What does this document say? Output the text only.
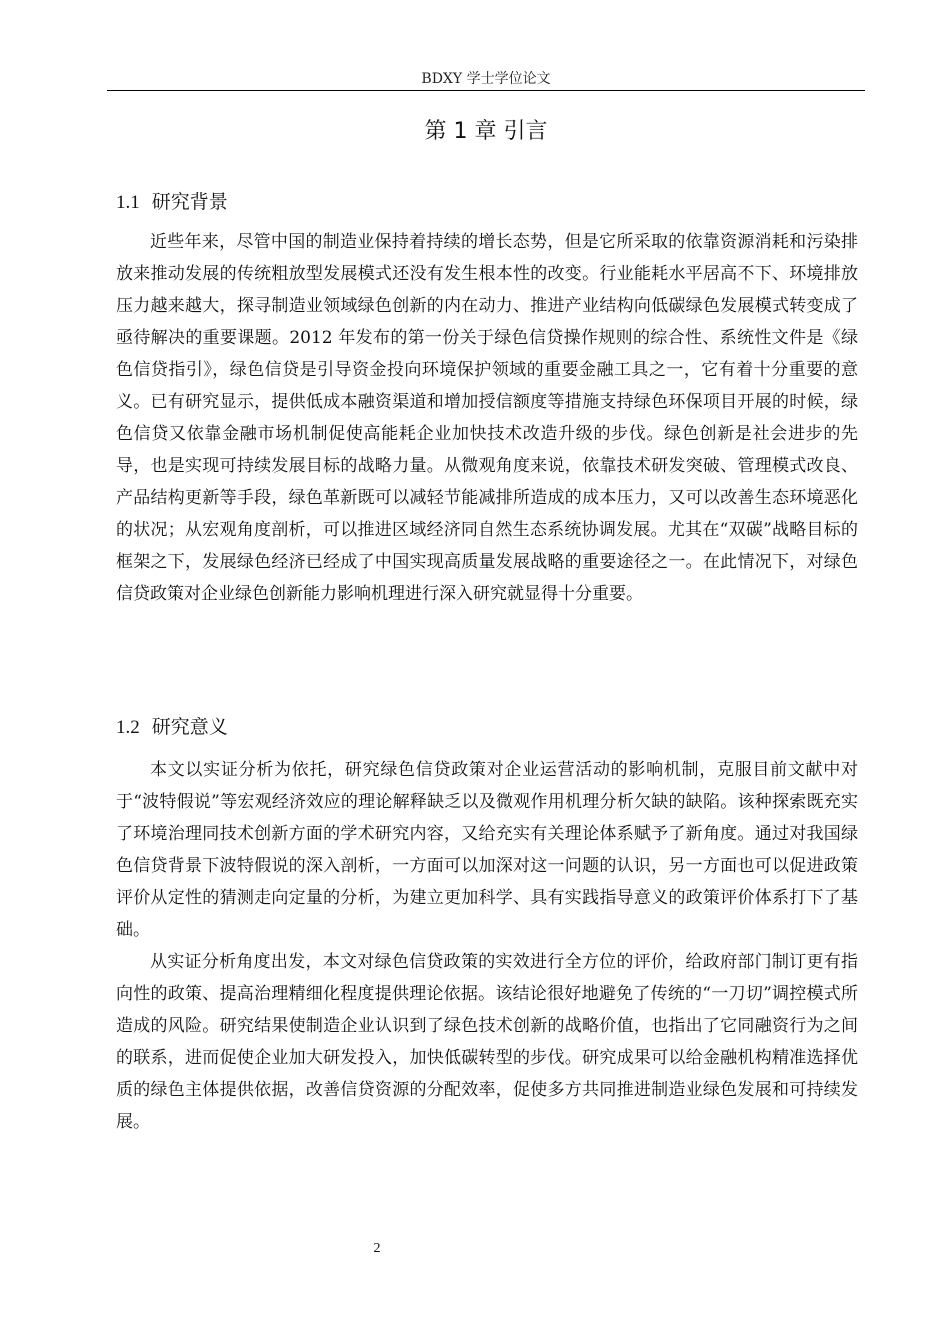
BDXY 学士学位论文
第 1 章 引言
1.1 研究背景

近些年来，尽管中国的制造业保持着持续的增长态势，但是它所采取的依靠资源消耗和污染排放来推动发展的传统粗放型发展模式还没有发生根本性的改变。行业能耗水平居高不下、环境排放压力越来越大，探寻制造业领域绿色创新的内在动力、推进产业结构向低碳绿色发展模式转变成了亟待解决的重要课题。2012 年发布的第一份关于绿色信贷操作规则的综合性、系统性文件是《绿色信贷指引》，绿色信贷是引导资金投向环境保护领域的重要金融工具之一，它有着十分重要的意义。已有研究显示，提供低成本融资渠道和增加授信额度等措施支持绿色环保项目开展的时候，绿色信贷又依靠金融市场机制促使高能耗企业加快技术改造升级的步伐。绿色创新是社会进步的先导，也是实现可持续发展目标的战略力量。从微观角度来说，依靠技术研发突破、管理模式改良、产品结构更新等手段，绿色革新既可以减轻节能减排所造成的成本压力，又可以改善生态环境恶化的状况；从宏观角度剖析，可以推进区域经济同自然生态系统协调发展。尤其在“双碳”战略目标的框架之下，发展绿色经济已经成了中国实现高质量发展战略的重要途径之一。在此情况下，对绿色信贷政策对企业绿色创新能力影响机理进行深入研究就显得十分重要。

1.2 研究意义

本文以实证分析为依托，研究绿色信贷政策对企业运营活动的影响机制，克服目前文献中对于“波特假说”等宏观经济效应的理论解释缺乏以及微观作用机理分析欠缺的缺陷。该种探索既充实了环境治理同技术创新方面的学术研究内容，又给充实有关理论体系赋予了新角度。通过对我国绿色信贷背景下波特假说的深入剖析，一方面可以加深对这一问题的认识，另一方面也可以促进政策评价从定性的猜测走向定量的分析，为建立更加科学、具有实践指导意义的政策评价体系打下了基础。

从实证分析角度出发，本文对绿色信贷政策的实效进行全方位的评价，给政府部门制订更有指向性的政策、提高治理精细化程度提供理论依据。该结论很好地避免了传统的“一刀切”调控模式所造成的风险。研究结果使制造企业认识到了绿色技术创新的战略价值，也指出了它同融资行为之间的联系，进而促使企业加大研发投入，加快低碳转型的步伐。研究成果可以给金融机构精准选择优质的绿色主体提供依据，改善信贷资源的分配效率，促使多方共同推进制造业绿色发展和可持续发展。

2
